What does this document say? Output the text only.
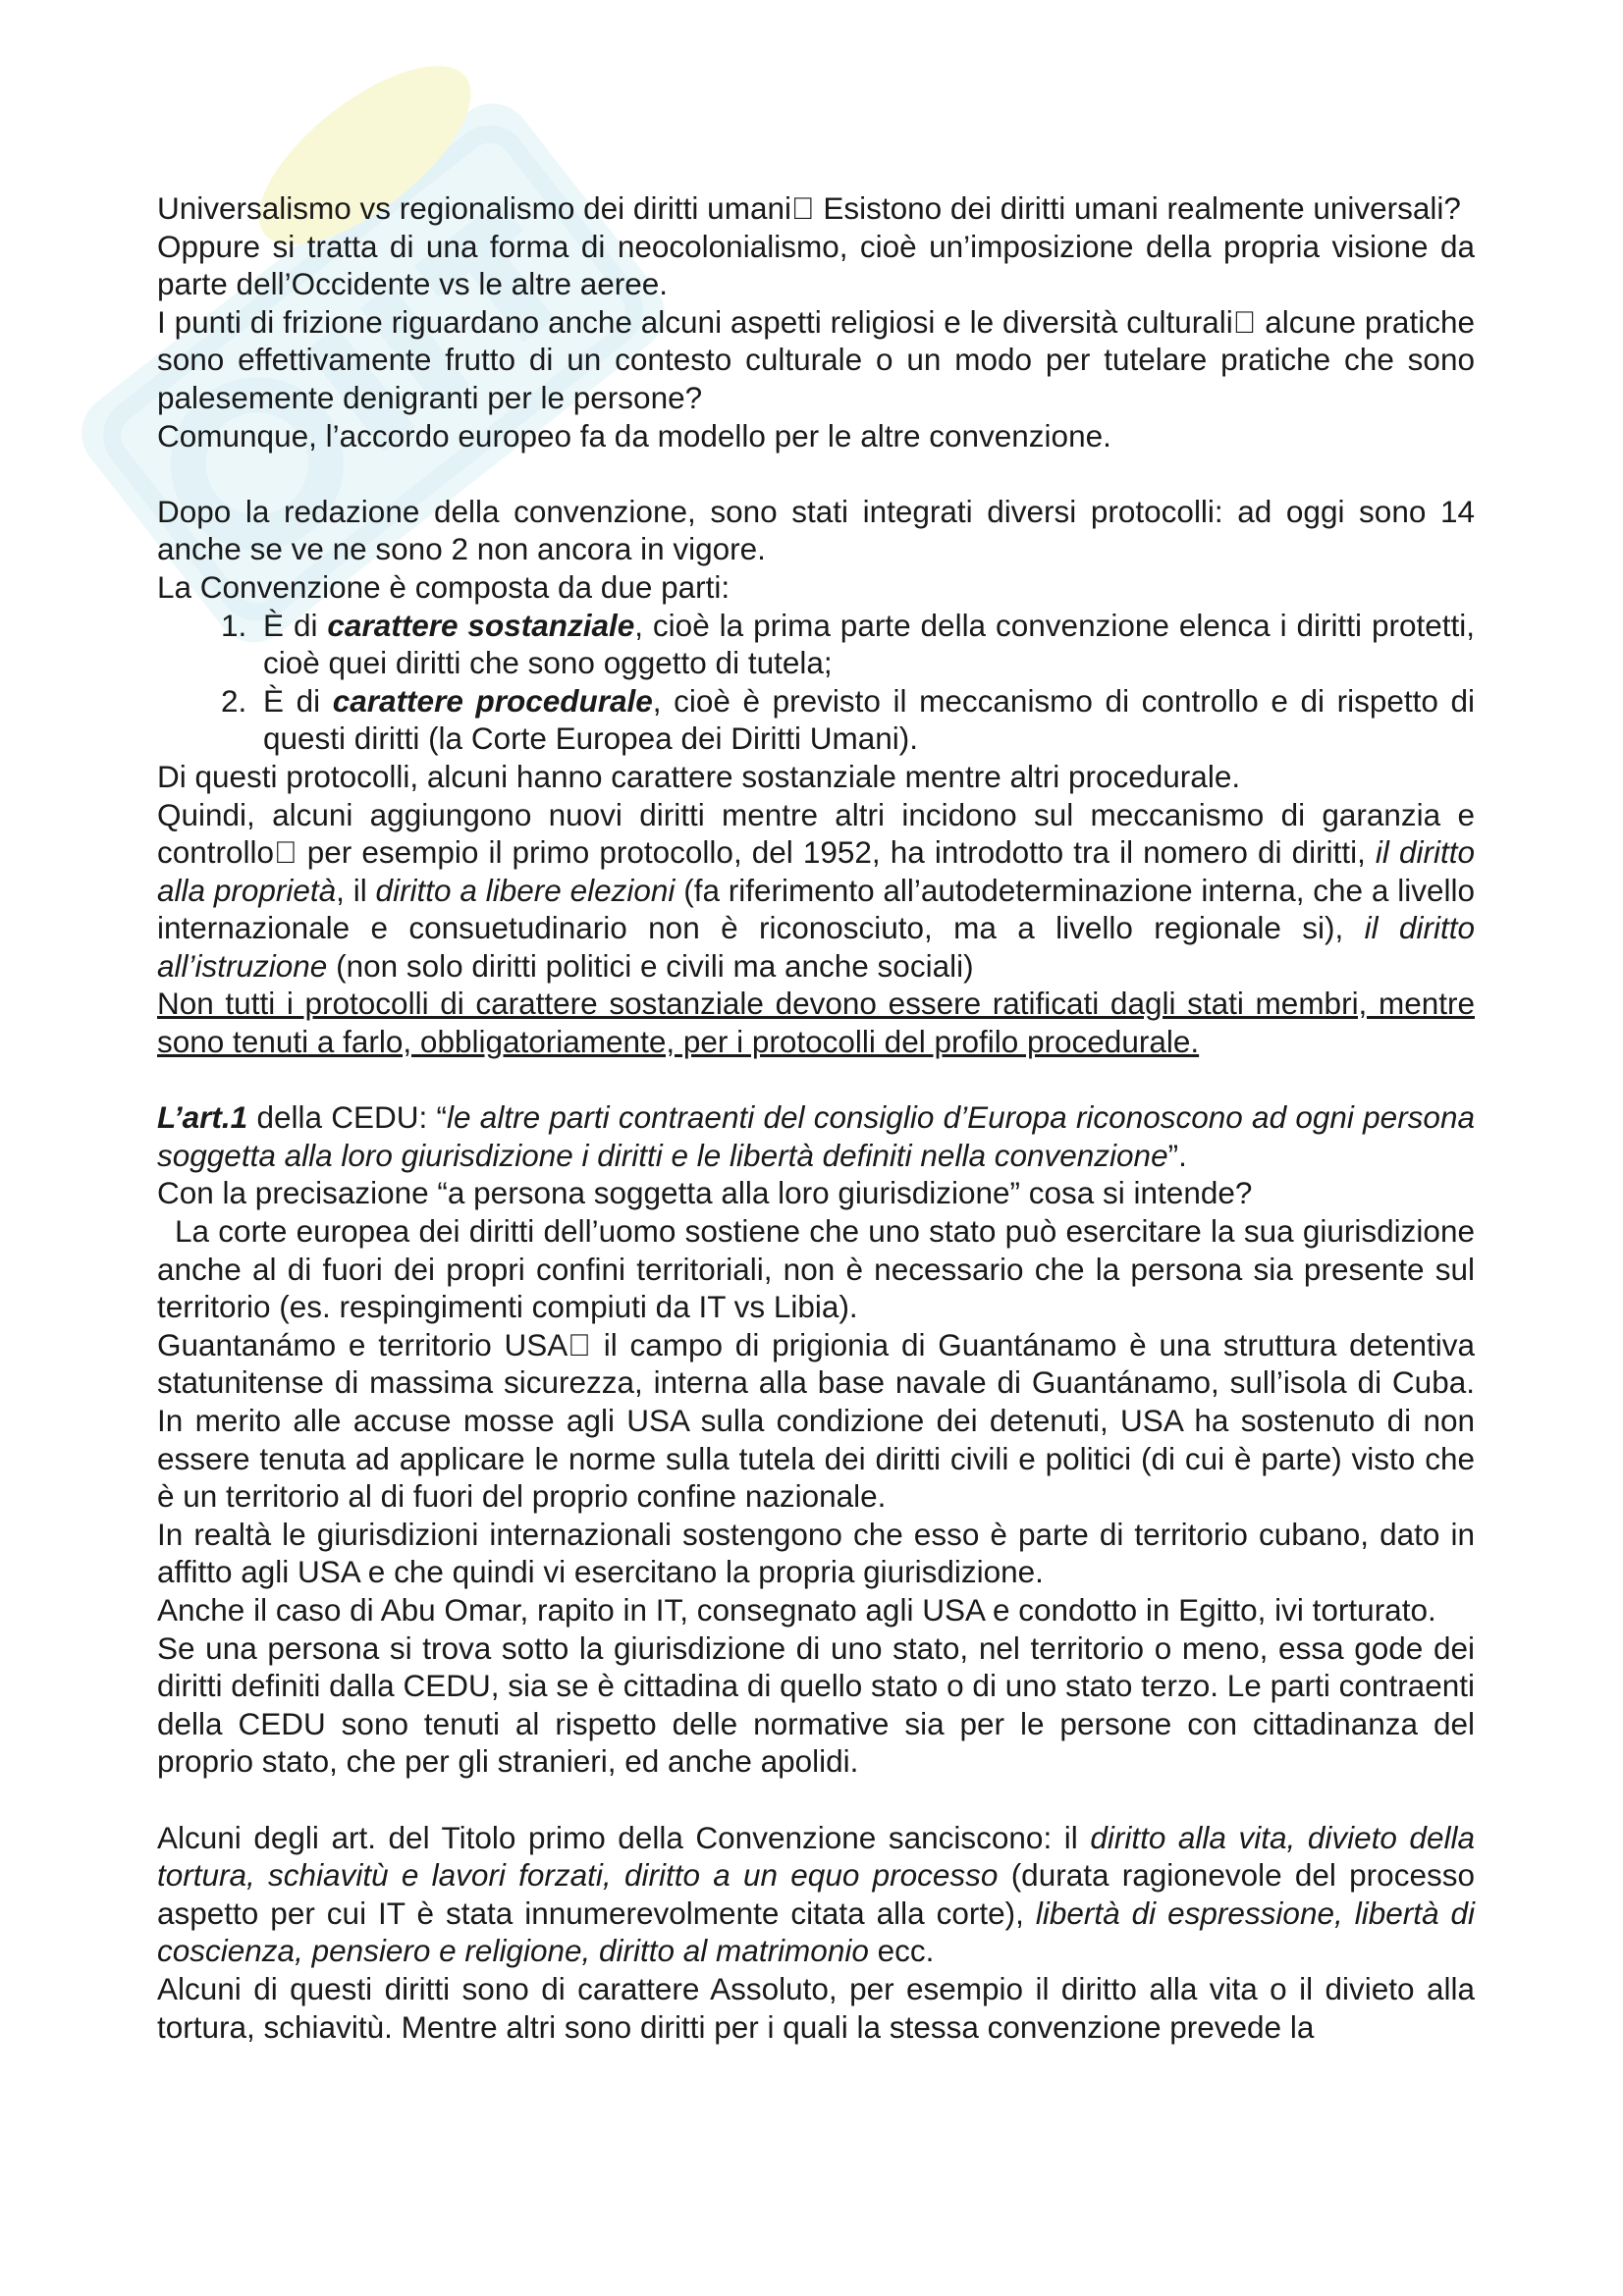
Universalismo vs regionalismo dei diritti umani Esistono dei diritti umani realmente universali?

Oppure si tratta di una forma di neocolonialismo, cioè un’imposizione della propria visione da parte dell’Occidente vs le altre aeree.

I punti di frizione riguardano anche alcuni aspetti religiosi e le diversità culturali alcune pratiche sono effettivamente frutto di un contesto culturale o un modo per tutelare pratiche che sono palesemente denigranti per le persone?

Comunque, l’accordo europeo fa da modello per le altre convenzione.

Dopo la redazione della convenzione, sono stati integrati diversi protocolli: ad oggi sono 14 anche se ve ne sono 2 non ancora in vigore.

La Convenzione è composta da due parti:

1. È di carattere sostanziale, cioè la prima parte della convenzione elenca i diritti protetti, cioè quei diritti che sono oggetto di tutela;
2. È di carattere procedurale, cioè è previsto il meccanismo di controllo e di rispetto di questi diritti (la Corte Europea dei Diritti Umani).

Di questi protocolli, alcuni hanno carattere sostanziale mentre altri procedurale.

Quindi, alcuni aggiungono nuovi diritti mentre altri incidono sul meccanismo di garanzia e controllo per esempio il primo protocollo, del 1952, ha introdotto tra il nomero di diritti, il diritto alla proprietà, il diritto a libere elezioni (fa riferimento all’autodeterminazione interna, che a livello internazionale e consuetudinario non è riconosciuto, ma a livello regionale si), il diritto all’istruzione (non solo diritti politici e civili ma anche sociali)

Non tutti i protocolli di carattere sostanziale devono essere ratificati dagli stati membri, mentre sono tenuti a farlo, obbligatoriamente, per i protocolli del profilo procedurale.

L’art.1 della CEDU: “le altre parti contraenti del consiglio d’Europa riconoscono ad ogni persona soggetta alla loro giurisdizione i diritti e le libertà definiti nella convenzione”.

Con la precisazione “a persona soggetta alla loro giurisdizione” cosa si intende?

La corte europea dei diritti dell’uomo sostiene che uno stato può esercitare la sua giurisdizione anche al di fuori dei propri confini territoriali, non è necessario che la persona sia presente sul territorio (es. respingimenti compiuti da IT vs Libia).

Guantanámo e territorio USA il campo di prigionia di Guantánamo è una struttura detentiva statunitense di massima sicurezza, interna alla base navale di Guantánamo, sull’isola di Cuba. In merito alle accuse mosse agli USA sulla condizione dei detenuti, USA ha sostenuto di non essere tenuta ad applicare le norme sulla tutela dei diritti civili e politici (di cui è parte) visto che è un territorio al di fuori del proprio confine nazionale.

In realtà le giurisdizioni internazionali sostengono che esso è parte di territorio cubano, dato in affitto agli USA e che quindi vi esercitano la propria giurisdizione.

Anche il caso di Abu Omar, rapito in IT, consegnato agli USA e condotto in Egitto, ivi torturato.

Se una persona si trova sotto la giurisdizione di uno stato, nel territorio o meno, essa gode dei diritti definiti dalla CEDU, sia se è cittadina di quello stato o di uno stato terzo. Le parti contraenti della CEDU sono tenuti al rispetto delle normative sia per le persone con cittadinanza del proprio stato, che per gli stranieri, ed anche apolidi.

Alcuni degli art. del Titolo primo della Convenzione sanciscono: il diritto alla vita, divieto della tortura, schiavitù e lavori forzati, diritto a un equo processo (durata ragionevole del processo aspetto per cui IT è stata innumerevolmente citata alla corte), libertà di espressione, libertà di coscienza, pensiero e religione, diritto al matrimonio ecc.

Alcuni di questi diritti sono di carattere Assoluto, per esempio il diritto alla vita o il divieto alla tortura, schiavitù. Mentre altri sono diritti per i quali la stessa convenzione prevede la
